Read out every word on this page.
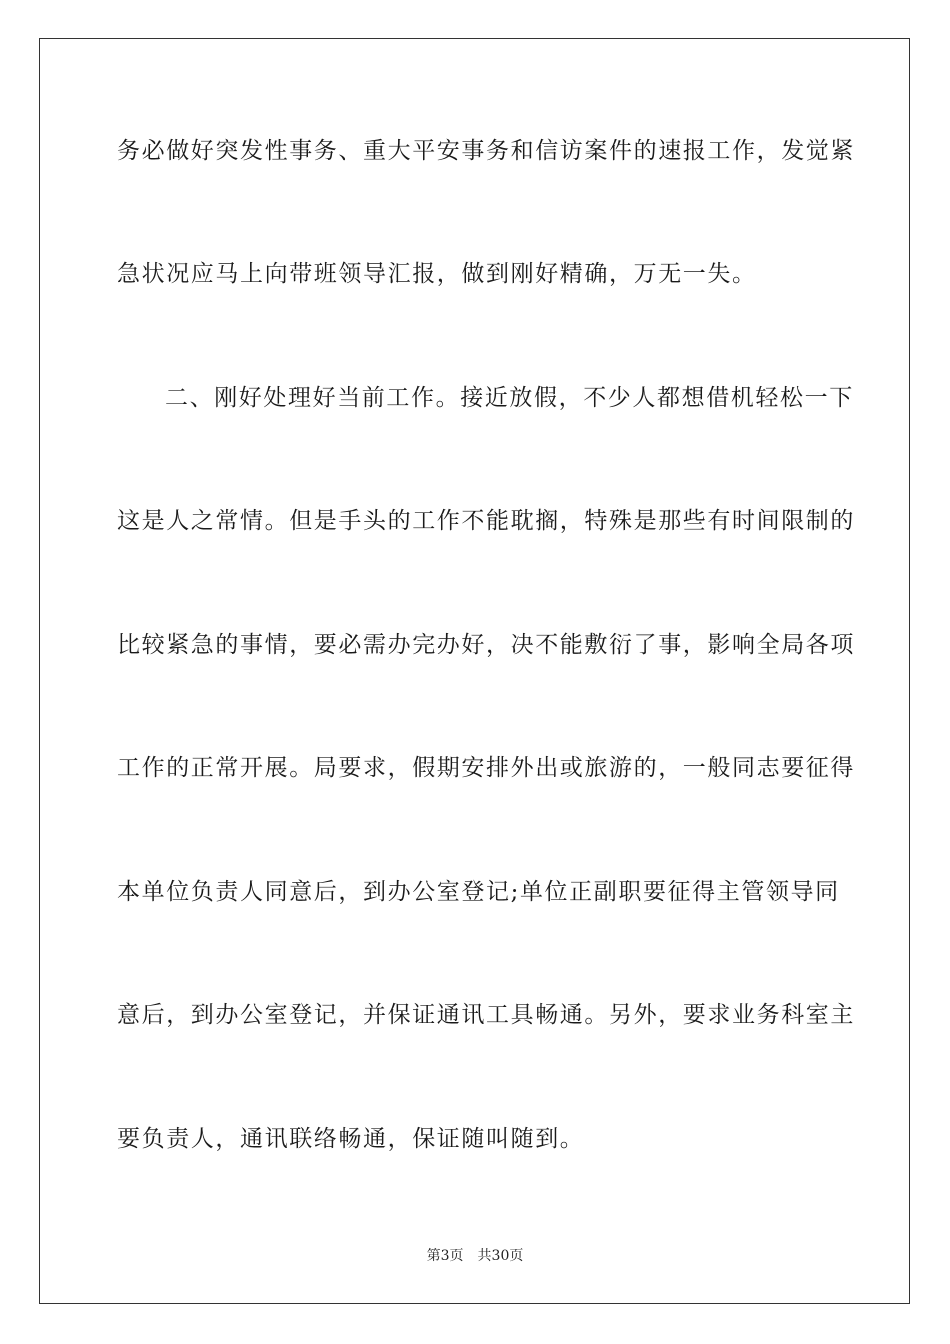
务必做好突发性事务、重大平安事务和信访案件的速报工作，发觉紧
急状况应马上向带班领导汇报，做到刚好精确，万无一失。
二、刚好处理好当前工作。接近放假，不少人都想借机轻松一下
这是人之常情。但是手头的工作不能耽搁，特殊是那些有时间限制的
比较紧急的事情，要必需办完办好，决不能敷衍了事，影响全局各项
工作的正常开展。局要求，假期安排外出或旅游的，一般同志要征得
本单位负责人同意后，到办公室登记;单位正副职要征得主管领导同
意后，到办公室登记，并保证通讯工具畅通。另外，要求业务科室主
要负责人，通讯联络畅通，保证随叫随到。
第3页 共30页
